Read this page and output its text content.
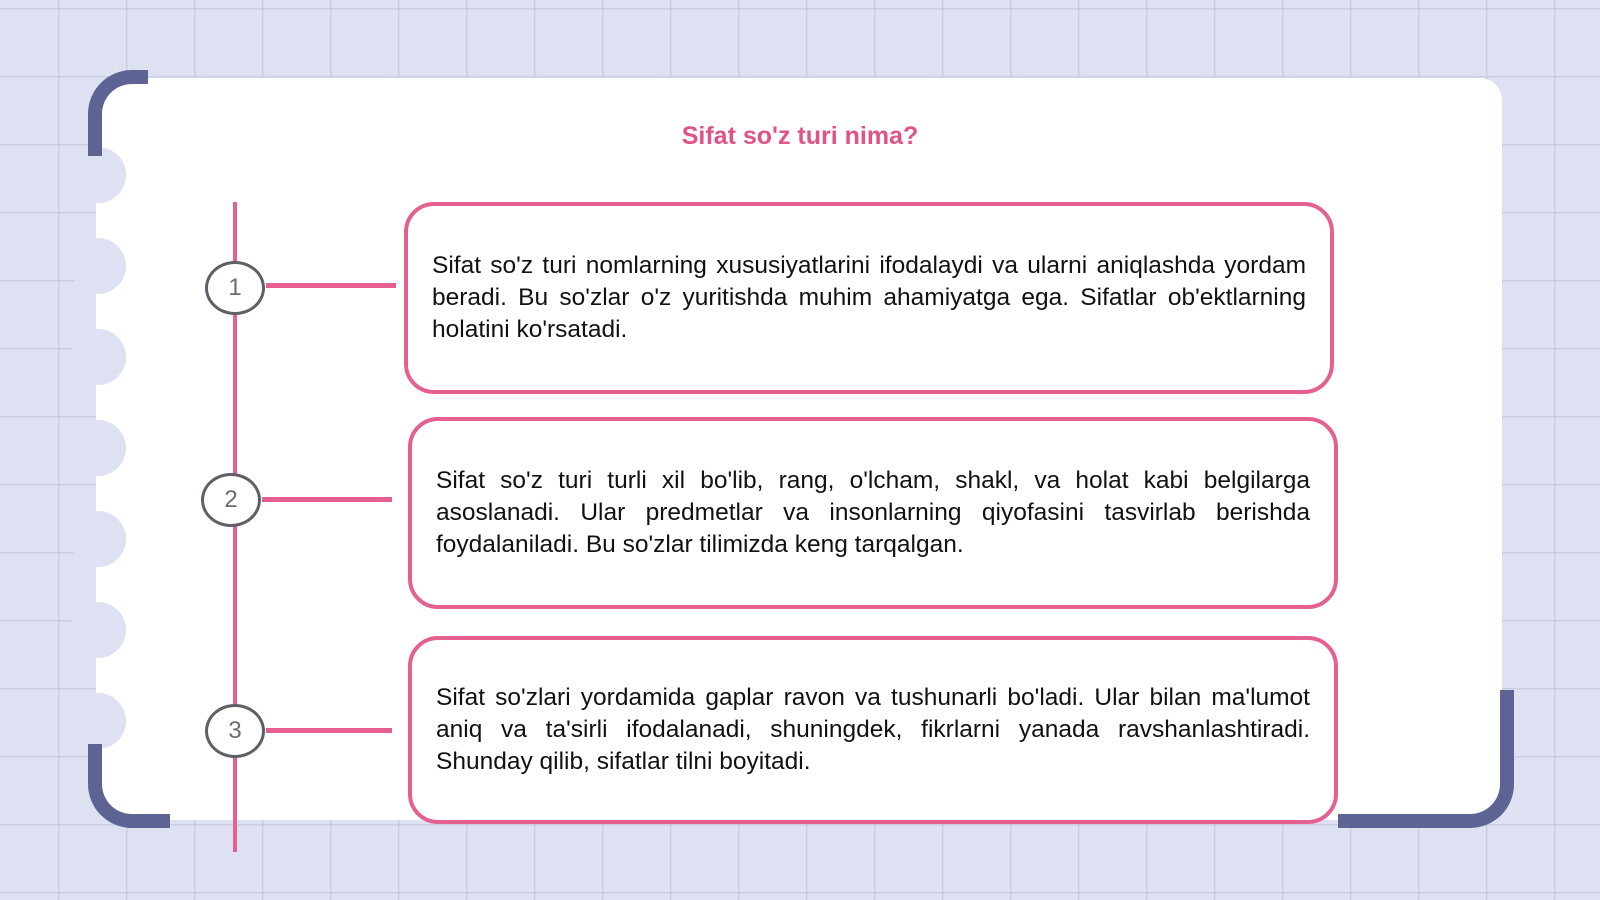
Sifat so'z turi nima?
1
2
3

Sifat so'z turi nomlarning xususiyatlarini ifodalaydi va ularni aniqlashda yordam beradi. Bu so'zlar o'z yuritishda muhim ahamiyatga ega. Sifatlar ob'ektlarning holatini ko'rsatadi.

Sifat so'z turi turli xil bo'lib, rang, o'lcham, shakl, va holat kabi belgilarga asoslanadi. Ular predmetlar va insonlarning qiyofasini tasvirlab berishda foydalaniladi. Bu so'zlar tilimizda keng tarqalgan.

Sifat so'zlari yordamida gaplar ravon va tushunarli bo'ladi. Ular bilan ma'lumot aniq va ta'sirli ifodalanadi, shuningdek, fikrlarni yanada ravshanlashtiradi. Shunday qilib, sifatlar tilni boyitadi.
